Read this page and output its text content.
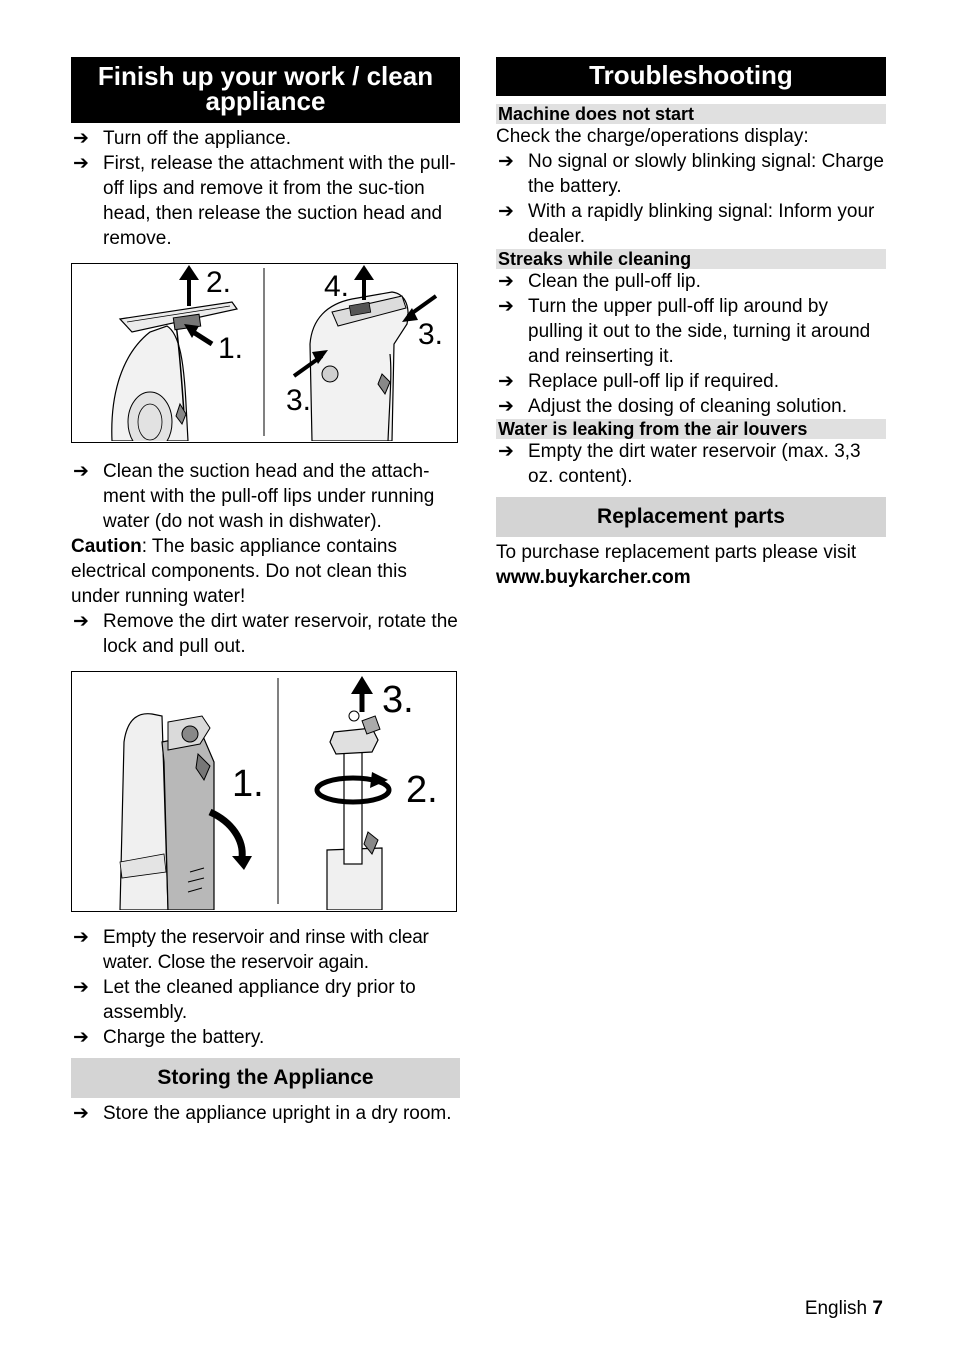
Finish up your work / clean appliance
➔ Turn off the appliance.
➔ First, release the attachment with the pull-off lips and remove it from the suc-tion head, then release the suction head and remove.
2.
1.
4.
3.
3.
➔ Clean the suction head and the attach-ment with the pull-off lips under running water (do not wash in dishwater).
Caution: The basic appliance contains electrical components. Do not clean this under running water!
➔ Remove the dirt water reservoir, rotate the lock and pull out.
1.
3.
2.
➔ Empty the reservoir and rinse with clear water. Close the reservoir again.
➔ Let the cleaned appliance dry prior to assembly.
➔ Charge the battery.
Storing the Appliance
➔ Store the appliance upright in a dry room.
Troubleshooting
Machine does not start
Check the charge/operations display:
➔ No signal or slowly blinking signal: Charge the battery.
➔ With a rapidly blinking signal: Inform your dealer.
Streaks while cleaning
➔ Clean the pull-off lip.
➔ Turn the upper pull-off lip around by pulling it out to the side, turning it around and reinserting it.
➔ Replace pull-off lip if required.
➔ Adjust the dosing of cleaning solution.
Water is leaking from the air louvers
➔ Empty the dirt water reservoir (max. 3,3 oz. content).
Replacement parts
To purchase replacement parts please visit
www.buykarcher.com
English 7
